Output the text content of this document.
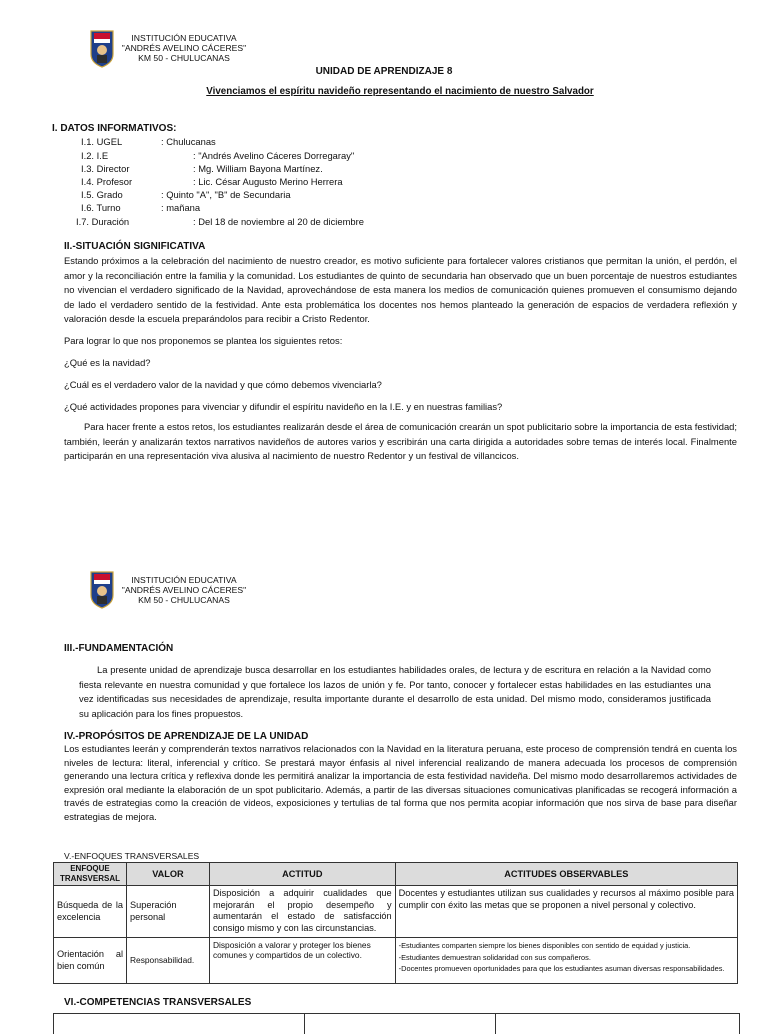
INSTITUCIÓN EDUCATIVA
"ANDRÉS AVELINO CÁCERES"
KM 50 - CHULUCANAS
UNIDAD DE APRENDIZAJE 8
Vivenciamos el espíritu navideño representando el nacimiento de nuestro Salvador
I. DATOS INFORMATIVOS:
I.1. UGEL	: Chulucanas
I.2. I.E	: "Andrés Avelino Cáceres Dorregaray"
I.3. Director	: Mg. William Bayona Martínez.
I.4. Profesor	: Lic. César Augusto Merino Herrera
I.5. Grado	: Quinto "A", "B" de Secundaria
I.6. Turno	: mañana
I.7. Duración	: Del 18 de noviembre al 20 de diciembre
II.-SITUACIÓN SIGNIFICATIVA
Estando próximos a la celebración del nacimiento de nuestro creador, es motivo suficiente para fortalecer valores cristianos que permitan la unión, el perdón, el amor y la reconciliación entre la familia y la comunidad. Los estudiantes de quinto de secundaria han observado que un buen porcentaje de nuestros estudiantes no vivencian el verdadero significado de la Navidad, aprovechándose de esta manera los medios de comunicación quienes promueven el consumismo dejando de lado el verdadero sentido de la festividad. Ante esta problemática los docentes nos hemos planteado la generación de espacios de verdadera reflexión y valoración desde la escuela preparándolos para recibir a Cristo Redentor.
Para lograr lo que nos proponemos se plantea los siguientes retos:
¿Qué es la navidad?
¿Cuál es el verdadero valor de la navidad y que cómo debemos vivenciarla?
¿Qué actividades propones para vivenciar y difundir el espíritu navideño en la I.E. y en nuestras familias?
Para hacer frente a estos retos, los estudiantes realizarán desde el área de comunicación crearán un spot publicitario sobre la importancia de esta festividad; también, leerán y analizarán textos narrativos navideños de autores varios y escribirán una carta dirigida a autoridades sobre temas de interés local. Finalmente participarán en una representación viva alusiva al nacimiento de nuestro Redentor y un festival de villancicos.
INSTITUCIÓN EDUCATIVA
"ANDRÉS AVELINO CÁCERES"
KM 50 - CHULUCANAS
III.-FUNDAMENTACIÓN
La presente unidad de aprendizaje busca desarrollar en los estudiantes habilidades orales, de lectura y de escritura en relación a la Navidad como fiesta relevante en nuestra comunidad y que fortalece los lazos de unión y fe. Por tanto, conocer y fortalecer estas habilidades en las estudiantes una vez identificadas sus necesidades de aprendizaje, resulta importante durante el desarrollo de esta unidad. Del mismo modo, consideramos justificada su aplicación para los fines propuestos.
IV.-PROPÓSITOS DE APRENDIZAJE DE LA UNIDAD
Los estudiantes leerán y comprenderán textos narrativos relacionados con la Navidad en la literatura peruana, este proceso de comprensión tendrá en cuenta los niveles de lectura: literal, inferencial y crítico. Se prestará mayor énfasis al nivel inferencial realizando de manera adecuada los procesos de comprensión generando una lectura crítica y reflexiva donde les permitirá analizar la importancia de esta festividad navideña. Del mismo modo desarrollaremos actividades de expresión oral mediante la elaboración de un spot publicitario. Además, a partir de las diversas situaciones comunicativas planificadas se recogerá información a través de estrategias como la creación de videos, exposiciones y tertulias de tal forma que nos permita acopiar información que nos sirva de base para diseñar estrategias de mejora.
V.-ENFOQUES TRANSVERSALES
ENFOQUE TRANSVERSAL	VALOR	ACTITUD	ACTITUDES OBSERVABLES
Búsqueda de la excelencia	Superación personal	Disposición a adquirir cualidades que mejorarán el propio desempeño y aumentarán el estado de satisfacción consigo mismo y con las circunstancias.	Docentes y estudiantes utilizan sus cualidades y recursos al máximo posible para cumplir con éxito las metas que se proponen a nivel personal y colectivo.
Orientación al bien común	Responsabilidad.	Disposición a valorar y proteger los bienes comunes y compartidos de un colectivo.	-Estudiantes comparten siempre los bienes disponibles con sentido de equidad y justicia.
-Estudiantes demuestran solidaridad con sus compañeros.
-Docentes promueven oportunidades para que los estudiantes asuman diversas responsabilidades.
VI.-COMPETENCIAS TRANSVERSALES
